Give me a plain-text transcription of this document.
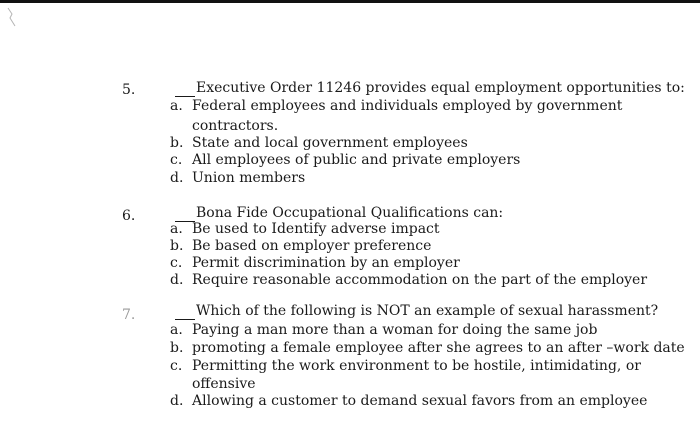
5.	Executive Order 11246 provides equal employment opportunities to:
a. Federal employees and individuals employed by government
contractors.
b. State and local government employees
c. All employees of public and private employers
d. Union members
6.	Bona Fide Occupational Qualifications can:
a. Be used to Identify adverse impact
b. Be based on employer preference
c. Permit discrimination by an employer
d. Require reasonable accommodation on the part of the employer
7.	Which of the following is NOT an example of sexual harassment?
a. Paying a man more than a woman for doing the same job
b. promoting a female employee after she agrees to an after –work date
c. Permitting the work environment to be hostile, intimidating, or
offensive
d. Allowing a customer to demand sexual favors from an employee
